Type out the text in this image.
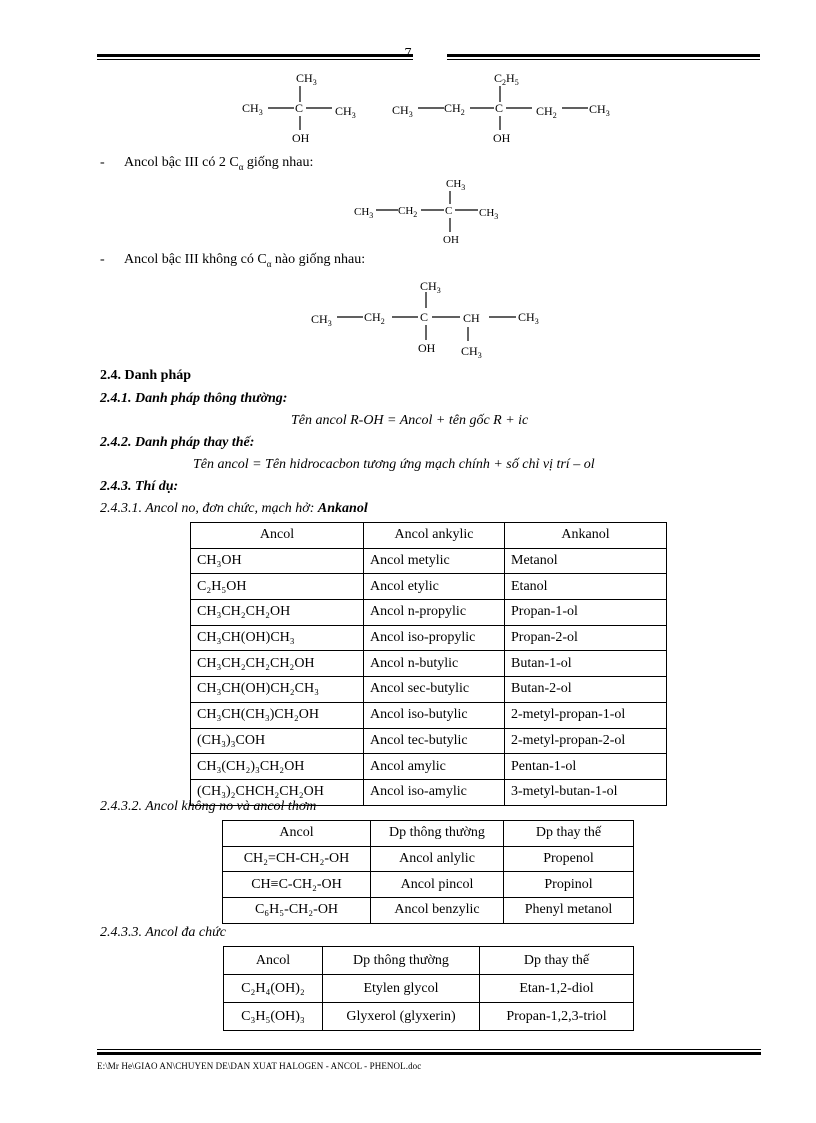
7
$CH_3$
$CH_3$	C	$CH_3$
OH
$C_2H_5$
$CH_3$	$CH_2$	C	$CH_2$	$CH_3$
OH
$CH_3$
$CH_3$ $CH_2$	C $CH_3$
OH
$CH_3$
$CH_3$	$CH_2$	C	CH	$CH_3$
OH $CH_3$
- Ancol bậc III có 2 $C_\alpha$ giống nhau:
- Ancol bậc III không có $C_\alpha$ nào giống nhau:
2.4. Danh pháp
2.4.1. Danh pháp thông thường:
Tên ancol R-OH = Ancol + tên gốc R + ic
2.4.2. Danh pháp thay thế:
Tên ancol = Tên hidrocacbon tương ứng mạch chính + số chỉ vị trí – ol
2.4.3. Thí dụ:
2.4.3.1. Ancol no, đơn chức, mạch hở: Ankanol
Ancol	Ancol ankylic	Ankanol
CH₃OH	Ancol metylic	Metanol
C₂H₅OH	Ancol etylic	Etanol
CH₃CH₂CH₂OH	Ancol n-propylic	Propan-1-ol
CH₃CH(OH)CH₃	Ancol iso-propylic	Propan-2-ol
CH₃CH₂CH₂CH₂OH	Ancol n-butylic	Butan-1-ol
CH₃CH(OH)CH₂CH₃	Ancol sec-butylic	Butan-2-ol
CH₃CH(CH₃)CH₂OH	Ancol iso-butylic	2-metyl-propan-1-ol
(CH₃)₃COH	Ancol tec-butylic	2-metyl-propan-2-ol
CH₃(CH₂)₃CH₂OH	Ancol amylic	Pentan-1-ol
(CH₃)₂CHCH₂CH₂OH	Ancol iso-amylic	3-metyl-butan-1-ol
2.4.3.2. Ancol không no và ancol thơm
Ancol	Dp thông thường	Dp thay thế
CH₂=CH-CH₂-OH	Ancol anlylic	Propenol
CH≡C-CH₂-OH	Ancol pincol	Propinol
C₆H₅-CH₂-OH	Ancol benzylic	Phenyl metanol
2.4.3.3. Ancol đa chức
Ancol	Dp thông thường	Dp thay thế
C₂H₄(OH)₂	Etylen glycol	Etan-1,2-diol
C₃H₅(OH)₃	Glyxerol (glyxerin)	Propan-1,2,3-triol
E:\Mr He\GIAO AN\CHUYEN DE\DAN XUAT HALOGEN - ANCOL - PHENOL.doc
